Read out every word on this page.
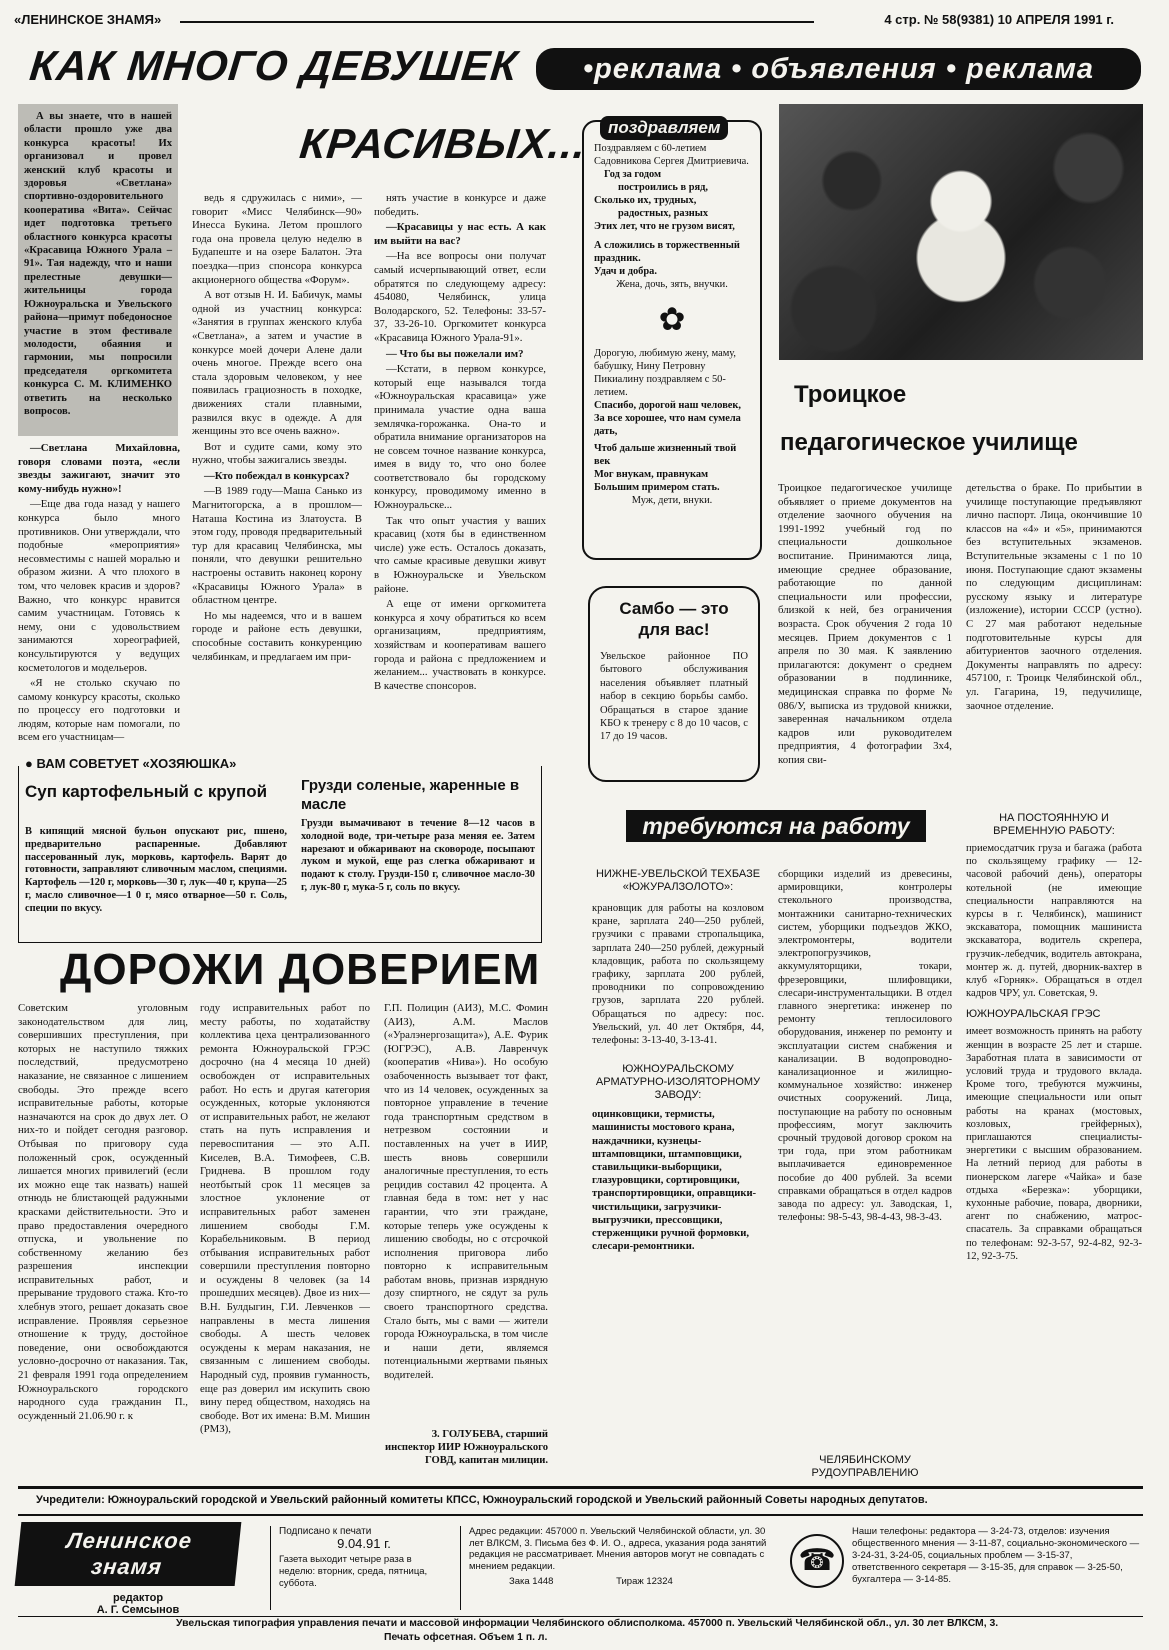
«ЛЕНИНСКОЕ ЗНАМЯ»	4 стр. № 58(9381) 10 АПРЕЛЯ 1991 г.
КАК МНОГО ДЕВУШЕК
КРАСИВЫХ...

А вы знаете, что в нашей области прошло уже два конкурса красоты! Их организовал и провел женский клуб красоты и здоровья «Светлана» спортивно-оздоровительного кооператива «Вита». Сейчас идет подготовка третьего областного конкурса красоты «Красавица Южного Урала – 91». Тая надежду, что и наши прелестные девушки—жительницы города Южноуральска и Увельского района—примут победоносное участие в этом фестивале молодости, обаяния и гармонии, мы попросили председателя оргкомитета конкурса С. М. КЛИМЕНКО ответить на несколько вопросов.

—Светлана Михайловна, говоря словами поэта, «если звезды зажигают, значит это кому-нибудь нужно»!

—Еще два года назад у нашего конкурса было много противников. Они утверждали, что подобные «мероприятия» несовместимы с нашей моралью и образом жизни. А что плохого в том, что человек красив и здоров? Важно, что конкурс нравится самим участницам. Готовясь к нему, они с удовольствием занимаются хореографией, консультируются у ведущих косметологов и модельеров.

«Я не столько скучаю по самому конкурсу красоты, сколько по процессу его подготовки и людям, которые нам помогали, по всем его участницам—

ведь я сдружилась с ними», —говорит «Мисс Челябинск—90» Инесса Букина. Летом прошлого года она провела целую неделю в Будапеште и на озере Балатон. Эта поездка—приз спонсора конкурса акционерного общества «Форум».

А вот отзыв Н. И. Бабичук, мамы одной из участниц конкурса: «Занятия в группах женского клуба «Светлана», а затем и участие в конкурсе моей дочери Алене дали очень многое. Прежде всего она стала здоровым человеком, у нее появилась грациозность в походке, движениях стали плавными, развился вкус в одежде. А для женщины это все очень важно».

Вот и судите сами, кому это нужно, чтобы зажигались звезды.

—Кто побеждал в конкурсах?

—В 1989 году—Маша Санько из Магнитогорска, а в прошлом—Наташа Костина из Златоуста. В этом году, проводя предварительный тур для красавиц Челябинска, мы поняли, что девушки решительно настроены оставить наконец корону «Красавицы Южного Урала» в областном центре.

Но мы надеемся, что и в вашем городе и районе есть девушки, способные составить конкуренцию челябинкам, и предлагаем им при-

нять участие в конкурсе и даже победить.

—Красавицы у нас есть. А как им выйти на вас?

—На все вопросы они получат самый исчерпывающий ответ, если обратятся по следующему адресу: 454080, Челябинск, улица Володарского, 52. Телефоны: 33-57-37, 33-26-10. Оргкомитет конкурса «Красавица Южного Урала-91».

— Что бы вы пожелали им?

—Кстати, в первом конкурсе, который еще назывался тогда «Южноуральская красавица» уже принимала участие одна ваша землячка-горожанка. Она-то и обратила внимание организаторов на не совсем точное название конкурса, имея в виду то, что оно более соответствовало бы городскому конкурсу, проводимому именно в Южноуральске...

Так что опыт участия у ваших красавиц (хотя бы в единственном числе) уже есть. Осталось доказать, что самые красивые девушки живут в Южноуральске и Увельском районе.

А еще от имени оргкомитета конкурса я хочу обратиться ко всем организациям, предприятиям, хозяйствам и кооперативам вашего города и района с предложением и желанием... участвовать в конкурсе. В качестве спонсоров.

•реклама • объявления • реклама
поздравляем
Поздравляем с 60-летием Садовникова Сергея Дмитриевича.
Год за годом
построились в ряд,
Сколько их, трудных,
радостных, разных
Этих лет, что не грузом висят,
А сложились в торжественный праздник.
Удач и добра.
Жена, дочь, зять, внучки.
✿
Дорогую, любимую жену, маму, бабушку, Нину Петровну Пикиалину поздравляем с 50-летием.
Спасибо, дорогой наш человек,
За все хорошее, что нам сумела дать,
Чтоб дальше жизненный твой век
Мог внукам, правнукам
Большим примером стать.
Муж, дети, внуки.
Самбо — это для вас!
Увельское районное ПО бытового обслуживания населения объявляет платный набор в секцию борьбы самбо. Обращаться в старое здание КБО к тренеру с 8 до 10 часов, с 17 до 19 часов.
Троицкое
педагогическое училище
Троицкое педагогическое училище объявляет о приеме документов на отделение заочного обучения на 1991-1992 учебный год по специальности дошкольное воспитание. Принимаются лица, имеющие среднее образование, работающие по данной специальности или профессии, близкой к ней, без ограничения возраста. Срок обучения 2 года 10 месяцев. Прием документов с 1 апреля по 30 мая. К заявлению прилагаются: документ о среднем образовании в подлиннике, медицинская справка по форме № 086/У, выписка из трудовой книжки, заверенная начальником отдела кадров или руководителем предприятия, 4 фотографии 3х4, копия сви-
детельства о браке. По прибытии в училище поступающие предъявляют лично паспорт. Лица, окончившие 10 классов на «4» и «5», принимаются без вступительных экзаменов. Вступительные экзамены с 1 по 10 июня. Поступающие сдают экзамены по следующим дисциплинам: русскому языку и литературе (изложение), истории СССР (устно). С 27 мая работают недельные подготовительные курсы для абитуриентов заочного отделения. Документы направлять по адресу: 457100, г. Троицк Челябинской обл., ул. Гагарина, 19, педучилище, заочное отделение.
● ВАМ СОВЕТУЕТ «ХОЗЯЮШКА»
Суп картофельный с крупой
В кипящий мясной бульон опускают рис, пшено, предварительно распаренные. Добавляют пассерованный лук, морковь, картофель. Варят до готовности, заправляют сливочным маслом, специями. Картофель —120 г, морковь—30 г, лук—40 г, крупа—25 г, масло сливочное—1 0 г, мясо отварное—50 г. Соль, специи по вкусу.
Грузди соленые, жаренные в масле
Грузди вымачивают в течение 8—12 часов в холодной воде, три-четыре раза меняя ее. Затем нарезают и обжаривают на сковороде, посыпают луком и мукой, еще раз слегка обжаривают и подают к столу. Грузди-150 г, сливочное масло-30 г, лук-80 г, мука-5 г, соль по вкусу.
ДОРОЖИ ДОВЕРИЕМ
Советским уголовным законодательством для лиц, совершивших преступления, при которых не наступило тяжких последствий, предусмотрено наказание, не связанное с лишением свободы. Это прежде всего исправительные работы, которые назначаются на срок до двух лет. О них-то и пойдет сегодня разговор. Отбывая по приговору суда положенный срок, осужденный лишается многих привилегий (если их можно еще так назвать) нашей отнюдь не блистающей радужными красками действительности. Это и право предоставления очередного отпуска, и увольнение по собственному желанию без разрешения инспекции исправительных работ, и прерывание трудового стажа. Кто-то хлебнув этого, решает доказать свое исправление. Проявляя серьезное отношение к труду, достойное поведение, они освобождаются условно-досрочно от наказания. Так, 21 февраля 1991 года определением Южноуральского городского народного суда гражданин П., осужденный 21.06.90 г. к
году исправительных работ по месту работы, по ходатайству коллектива цеха централизованного ремонта Южноуральской ГРЭС досрочно (на 4 месяца 10 дней) освобожден от исправительных работ. Но есть и другая категория осужденных, которые уклоняются от исправительных работ, не желают стать на путь исправления и перевоспитания — это А.П. Киселев, В.А. Тимофеев, С.В. Гриднева. В прошлом году неотбытый срок 11 месяцев за злостное уклонение от исправительных работ заменен лишением свободы Г.М. Корабельниковым. В период отбывания исправительных работ совершили преступления повторно и осуждены 8 человек (за 14 прошедших месяцев). Двое из них—В.Н. Булдыгин, Г.И. Левченков — направлены в места лишения свободы. А шесть человек осуждены к мерам наказания, не связанным с лишением свободы. Народный суд, проявив гуманность, еще раз доверил им искупить свою вину перед обществом, находясь на свободе. Вот их имена: В.М. Мишин (РМЗ),
Г.П. Полицин (АИЗ), М.С. Фомин (АИЗ), А.М. Маслов («Уралэнергозащита»), А.Е. Фурик (ЮГРЭС), А.В. Лавренчук (кооператив «Нива»). Но особую озабоченность вызывает тот факт, что из 14 человек, осужденных за повторное управление в течение года транспортным средством в нетрезвом состоянии и поставленных на учет в ИИР, шесть вновь совершили аналогичные преступления, то есть рецидив составил 42 процента. А главная беда в том: нет у нас гарантии, что эти граждане, которые теперь уже осуждены к лишению свободы, но с отсрочкой исполнения приговора либо повторно к исправительным работам вновь, признав изрядную дозу спиртного, не сядут за руль своего транспортного средства. Стало быть, мы с вами — жители города Южноуральска, в том числе и наши дети, являемся потенциальными жертвами пьяных водителей.
З. ГОЛУБЕВА, старший инспектор ИИР Южноуральского ГОВД, капитан милиции.
требуются на работу
НИЖНЕ-УВЕЛЬСКОЙ ТЕХБАЗЕ «ЮЖУРАЛЗОЛОТО»:
крановщик для работы на козловом кране, зарплата 240—250 рублей, грузчики с правами стропальщика, зарплата 240—250 рублей, дежурный кладовщик, работа по скользящему графику, зарплата 200 рублей, проводники по сопровождению грузов, зарплата 220 рублей. Обращаться по адресу: пос. Увельский, ул. 40 лет Октября, 44, телефоны: 3-13-40, 3-13-41.
ЮЖНОУРАЛЬСКОМУ АРМАТУРНО-ИЗОЛЯТОРНОМУ ЗАВОДУ:
оцинковщики, термисты, машинисты мостового крана, наждачники, кузнецы-штамповщики, штамповщики, ставильщики-выборщики, глазуровщики, сортировщики, транспортировщики, оправщики-чистильщики, загрузчики-выгрузчики, прессовщики, стерженщики ручной формовки, слесари-ремонтники.
сборщики изделий из древесины, армировщики, контролеры стекольного производства, монтажники санитарно-технических систем, уборщики подъездов ЖКО, электромонтеры, водители электропогрузчиков, аккумуляторщики, токари, фрезеровщики, шлифовщики, слесари-инструментальщики. В отдел главного энергетика: инженер по ремонту теплосилового оборудования, инженер по ремонту и эксплуатации систем снабжения и канализации. В водопроводно-канализационное и жилищно-коммунальное хозяйство: инженер очистных сооружений. Лица, поступающие на работу по основным профессиям, могут заключить срочный трудовой договор сроком на три года, при этом работникам выплачивается единовременное пособие до 400 рублей. За всеми справками обращаться в отдел кадров завода по адресу: ул. Заводская, 1, телефоны: 98-5-43, 98-4-43, 98-3-43.
ЧЕЛЯБИНСКОМУ РУДОУПРАВЛЕНИЮ
НА ПОСТОЯННУЮ И ВРЕМЕННУЮ РАБОТУ:
приемосдатчик груза и багажа (работа по скользящему графику — 12-часовой рабочий день), операторы котельной (не имеющие специальности направляются на курсы в г. Челябинск), машинист экскаватора, помощник машиниста экскаватора, водитель скрепера, грузчик-лебедчик, водитель автокрана, монтер ж. д. путей, дворник-вахтер в клуб «Горняк». Обращаться в отдел кадров ЧРУ, ул. Советская, 9.
ЮЖНОУРАЛЬСКАЯ ГРЭС
имеет возможность принять на работу женщин в возрасте 25 лет и старше. Заработная плата в зависимости от условий труда и трудового вклада. Кроме того, требуются мужчины, имеющие специальности или опыт работы на кранах (мостовых, козловых, грейферных), приглашаются специалисты-энергетики с высшим образованием. На летний период для работы в пионерском лагере «Чайка» и базе отдыха «Березка»: уборщики, кухонные рабочие, повара, дворники, агент по снабжению, матрос-спасатель. За справками обращаться по телефонам: 92-3-57, 92-4-82, 92-3-12, 92-3-75.
Учредители: Южноуральский городской и Увельский районный комитеты КПСС, Южноуральский городской и Увельский районный Советы народных депутатов.
Ленинское знамя
редактор
А. Г. Семсынов
Подписано к печати
9.04.91 г.
Газета выходит четыре раза в неделю: вторник, среда, пятница, суббота.
Адрес редакции: 457000 п. Увельский Челябинской области, ул. 30 лет ВЛКСМ, 3. Письма без Ф. И. О., адреса, указания рода занятий редакция не рассматривает. Мнения авторов могут не совпадать с мнением редакции.
Зака 1448	Тираж 12324
☎
Наши телефоны: редактора — 3-24-73, отделов: изучения общественного мнения — 3-11-87, социально-экономического — 3-24-31, 3-24-05, социальных проблем — 3-15-37, ответственного секретаря — 3-15-35, для справок — 3-25-50, бухгалтера — 3-14-85.
Увельская типография управления печати и массовой информации Челябинского облисполкома. 457000 п. Увельский Челябинской обл., ул. 30 лет ВЛКСМ, 3.
Печать офсетная. Объем 1 п. л.
